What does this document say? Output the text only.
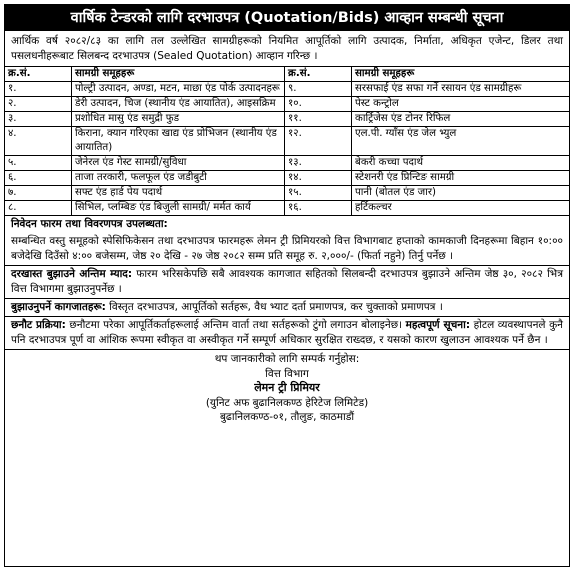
वार्षिक टेन्डरको लागि दरभाउपत्र (Quotation/Bids) आव्हान सम्बन्धी सूचना
आर्थिक वर्ष २०८२/८३ का लागि तल उल्लेखित सामग्रीहरूको नियमित आपूर्तिको लागि उत्पादक, निर्माता, अधिकृत एजेन्ट, डिलर तथा पसलधनीहरूबाट सिलबन्द दरभाउपत्र (Sealed Quotation) आव्हान गरिन्छ ।
क्र.सं.	सामग्री समूहहरू	क्र.सं.	सामग्री समूहहरू
१.	पोल्ट्री उत्पादन, अण्डा, मटन, माछा एंड पोर्क उत्पादनहरू	९.	सरसफाई एंड सफा गर्ने रसायन एंड सामग्रीहरू
२.	डेरी उत्पादन, चिज (स्थानीय एंड आयातित), आइसक्रिम	१०.	पेस्ट कन्ट्रोल
३.	प्रशोधित मासु एंड समुद्री फुड	११.	कार्ट्रिजेस एंड टोनर रिफिल
४.	किराना, क्यान गरिएका खाद्य एंड प्रोभिजन (स्थानीय एंड आयातित)	१२.	एल.पी. ग्याँस एंड जेल भ्युल
५.	जेनेरल एंड गेस्ट सामग्री/सुविधा	१३.	बेकरी कच्चा पदार्थ
६.	ताजा तरकारी, फलफूल एंड जडीबुटी	१४.	स्टेशनरी एंड प्रिन्टिङ सामग्री
७.	सफ्ट एंड हार्ड पेय पदार्थ	१५.	पानी (बोतल एंड जार)
८.	सिभिल, प्लम्बिङ एंड बिजुली सामग्री/ मर्मत कार्य	१६.	हर्टिकल्चर
निवेदन फारम तथा विवरणपत्र उपलब्धता:
सम्बन्धित वस्तु समूहको स्पेसिफिकेसन तथा दरभाउपत्र फारमहरू लेमन ट्री प्रिमियरको वित्त विभागबाट हप्ताको कामकाजी दिनहरूमा बिहान १०:०० बजेदेखि दिउँसो ४:०० बजेसम्म, जेष्ठ २० देखि - २७ जेष्ठ २०८२ सम्म प्रति समूह रु. २,०००/- (फिर्ता नहुने) तिर्नु पर्नेछ ।
दरखास्त बुझाउने अन्तिम म्याद: फारम भरिसकेपछि सबै आवश्यक कागजात सहितको सिलबन्दी दरभाउपत्र बुझाउने अन्तिम जेष्ठ ३०, २०८२ भित्र वित्त विभागमा बुझाउनुपर्नेछ ।
बुझाउनुपर्ने कागजातहरू: विस्तृत दरभाउपत्र, आपूर्तिको सर्तहरू, वैध भ्याट दर्ता प्रमाणपत्र, कर चुक्ताको प्रमाणपत्र ।
छनौट प्रक्रिया: छनौटमा परेका आपूर्तिकर्ताहरूलाई अन्तिम वार्ता तथा सर्तहरूको टुंगो लगाउन बोलाइनेछ। महत्वपूर्ण सूचना: होटल व्यवस्थापनले कुनै पनि दरभाउपत्र पूर्ण वा आंशिक रूपमा स्वीकृत वा अस्वीकृत गर्ने सम्पूर्ण अधिकार सुरक्षित राख्दछ, र यसको कारण खुलाउन आवश्यक पर्ने छैन ।
थप जानकारीको लागि सम्पर्क गर्नुहोस:
वित्त विभाग
लेमन ट्री प्रिमियर
(युनिट अफ बुढानिलकण्ठ हेरिटेज लिमिटेड)
बुढानिलकण्ठ-०१, तौलुङ, काठमाडौं
